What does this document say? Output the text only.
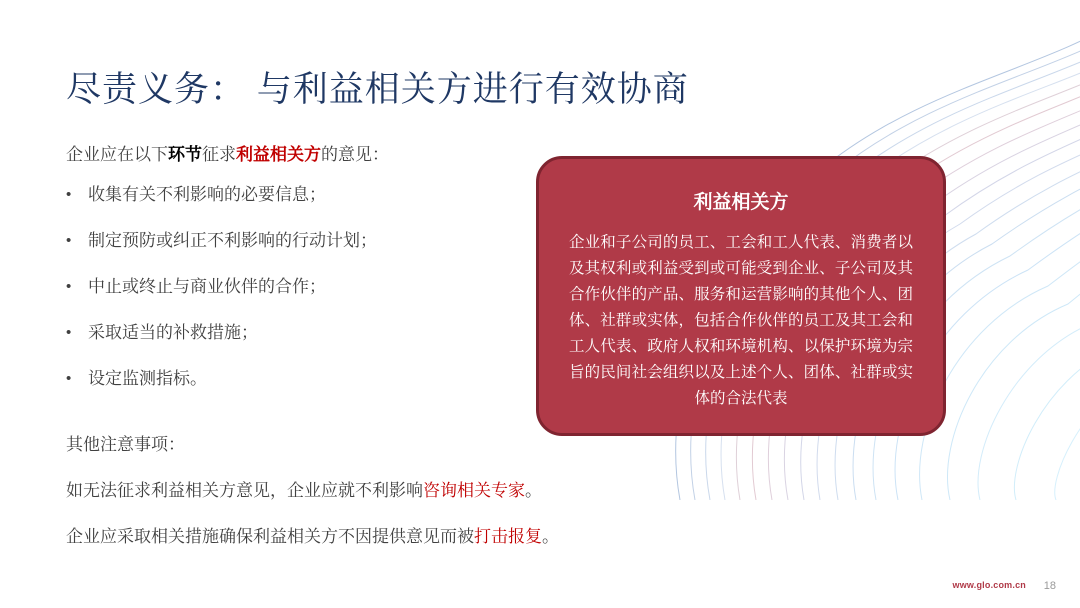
尽责义务： 与利益相关方进行有效协商
企业应在以下环节征求利益相关方的意见：
• 收集有关不利影响的必要信息；
• 制定预防或纠正不利影响的行动计划；
• 中止或终止与商业伙伴的合作；
• 采取适当的补救措施；
• 设定监测指标。
其他注意事项：
如无法征求利益相关方意见，企业应就不利影响咨询相关专家。
企业应采取相关措施确保利益相关方不因提供意见而被打击报复。
利益相关方
企业和子公司的员工、工会和工人代表、消费者以及其权利或利益受到或可能受到企业、子公司及其合作伙伴的产品、服务和运营影响的其他个人、团体、社群或实体，包括合作伙伴的员工及其工会和工人代表、政府人权和环境机构、以保护环境为宗旨的民间社会组织以及上述个人、团体、社群或实体的合法代表
www.glo.com.cn 18
